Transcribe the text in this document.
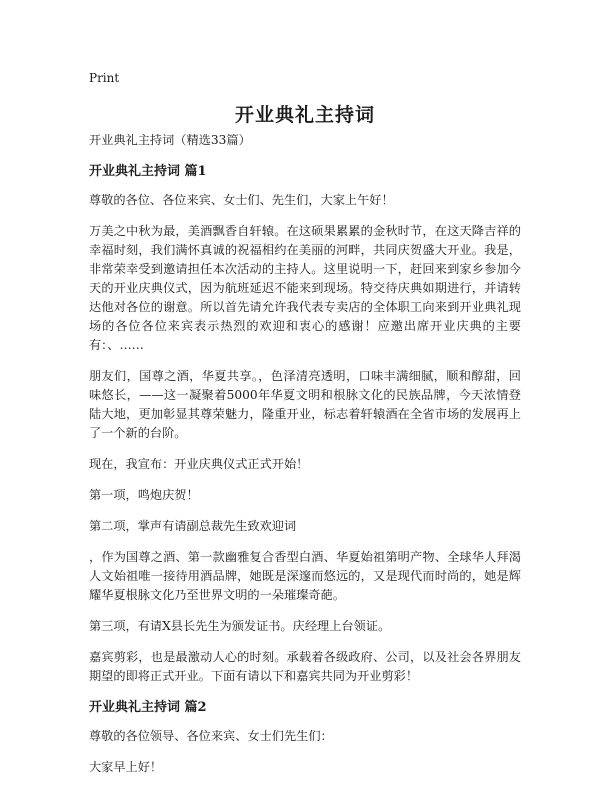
Print
开业典礼主持词

开业典礼主持词（精选33篇）

开业典礼主持词 篇1

尊敬的各位、各位来宾、女士们、先生们，大家上午好！

万美之中秋为最，美酒飘香自轩辕。在这硕果累累的金秋时节，在这天降吉祥的幸福时刻，我们满怀真诚的祝福相约在美丽的河畔，共同庆贺盛大开业。我是，非常荣幸受到邀请担任本次活动的主持人。这里说明一下，赶回来到家乡参加今天的开业庆典仪式，因为航班延迟不能来到现场。特交待庆典如期进行，并请转达他对各位的谢意。所以首先请允许我代表专卖店的全体职工向来到开业典礼现场的各位各位来宾表示热烈的欢迎和衷心的感谢！应邀出席开业庆典的主要有：、……

朋友们，国尊之酒，华夏共享。，色泽清亮透明，口味丰满细腻，顺和醇甜，回味悠长，——这一凝聚着5000年华夏文明和根脉文化的民族品牌，今天浓情登陆大地，更加彰显其尊荣魅力，隆重开业，标志着轩辕酒在全省市场的发展再上了一个新的台阶。

现在，我宣布：开业庆典仪式正式开始！

第一项，鸣炮庆贺！

第二项，掌声有请副总裁先生致欢迎词

，作为国尊之酒、第一款幽雅复合香型白酒、华夏始祖第明产物、全球华人拜渴人文始祖唯一接待用酒品牌，她既是深邃而悠远的，又是现代而时尚的，她是辉耀华夏根脉文化乃至世界文明的一朵璀璨奇葩。

第三项，有请X县长先生为颁发证书。庆经理上台领证。

嘉宾剪彩，也是最激动人心的时刻。承载着各级政府、公司，以及社会各界朋友期望的即将正式开业。下面有请以下和嘉宾共同为开业剪彩！

开业典礼主持词 篇2

尊敬的各位领导、各位来宾、女士们先生们：

大家早上好！
